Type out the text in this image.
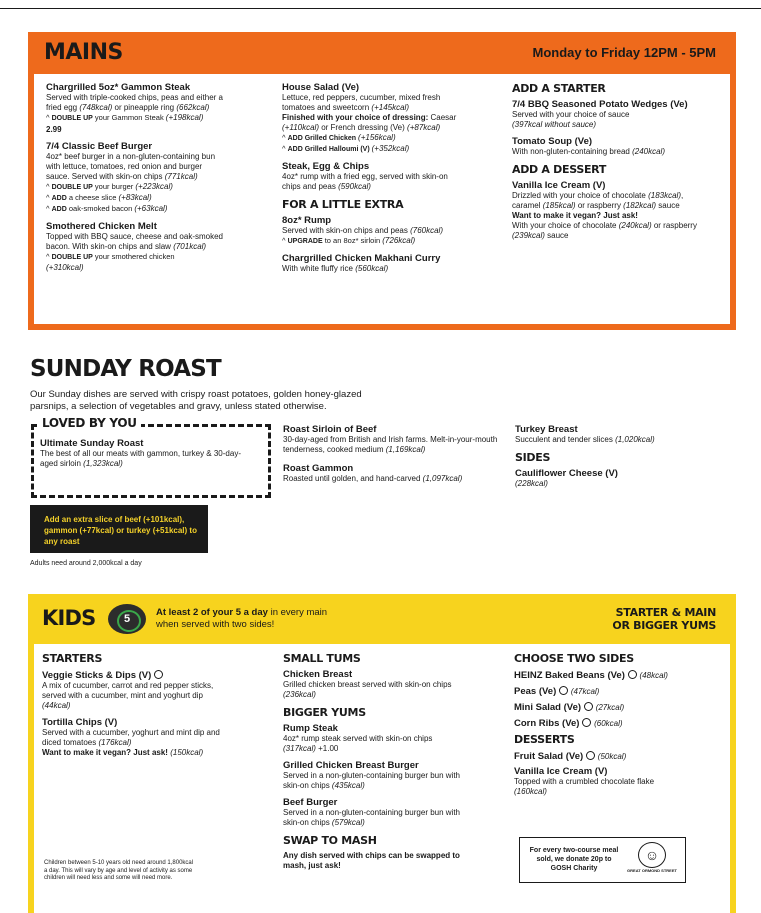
MAINS	Monday to Friday 12PM - 5PM
Chargrilled 5oz* Gammon Steak
Served with triple-cooked chips, peas and either a fried egg (748kcal) or pineapple ring (662kcal)
^ DOUBLE UP your Gammon Steak (+198kcal)
2.99
7/4 Classic Beef Burger
4oz* beef burger in a non-gluten-containing bun with lettuce, tomatoes, red onion and burger sauce. Served with skin-on chips (771kcal)
^ DOUBLE UP your burger (+223kcal)
^ ADD a cheese slice (+83kcal)
^ ADD oak-smoked bacon (+63kcal)
Smothered Chicken Melt
Topped with BBQ sauce, cheese and oak-smoked bacon. With skin-on chips and slaw (701kcal)
^ DOUBLE UP your smothered chicken
(+310kcal)
House Salad (Ve)
Lettuce, red peppers, cucumber, mixed fresh tomatoes and sweetcorn (+145kcal)
Finished with your choice of dressing: Caesar (+110kcal) or French dressing (Ve) (+87kcal)
^ ADD Grilled Chicken (+156kcal)
^ ADD Grilled Halloumi (V) (+352kcal)
Steak, Egg & Chips
4oz* rump with a fried egg, served with skin-on chips and peas (590kcal)
FOR A LITTLE EXTRA
8oz* Rump
Served with skin-on chips and peas (760kcal)
^ UPGRADE to an 8oz* sirloin (726kcal)
Chargrilled Chicken Makhani Curry
With white fluffy rice (560kcal)
ADD A STARTER
7/4 BBQ Seasoned Potato Wedges (Ve)
Served with your choice of sauce
(397kcal without sauce)
Tomato Soup (Ve)
With non-gluten-containing bread (240kcal)
ADD A DESSERT
Vanilla Ice Cream (V)
Drizzled with your choice of chocolate (183kcal), caramel (185kcal) or raspberry (182kcal) sauce
Want to make it vegan? Just ask!
With your choice of chocolate (240kcal) or raspberry (239kcal) sauce
SUNDAY ROAST
Our Sunday dishes are served with crispy roast potatoes, golden honey-glazed parsnips, a selection of vegetables and gravy, unless stated otherwise.
LOVED BY YOU
Ultimate Sunday Roast
The best of all our meats with gammon, turkey & 30-day-aged sirloin (1,323kcal)
Roast Sirloin of Beef
30-day-aged from British and Irish farms. Melt-in-your-mouth tenderness, cooked medium (1,169kcal)
Roast Gammon
Roasted until golden, and hand-carved (1,097kcal)
Turkey Breast
Succulent and tender slices (1,020kcal)
SIDES
Cauliflower Cheese (V)
(228kcal)
Add an extra slice of beef (+101kcal), gammon (+77kcal) or turkey (+51kcal) to any roast
Adults need around 2,000kcal a day
KIDS	5
At least 2 of your 5 a day in every main when served with two sides!
STARTER & MAIN
OR BIGGER YUMS
STARTERS
Veggie Sticks & Dips (V)
A mix of cucumber, carrot and red pepper sticks, served with a cucumber, mint and yoghurt dip (44kcal)
Tortilla Chips (V)
Served with a cucumber, yoghurt and mint dip and diced tomatoes (176kcal)
Want to make it vegan? Just ask! (150kcal)
SMALL TUMS
Chicken Breast
Grilled chicken breast served with skin-on chips (236kcal)
BIGGER YUMS
Rump Steak
4oz* rump steak served with skin-on chips (317kcal) +1.00
Grilled Chicken Breast Burger
Served in a non-gluten-containing burger bun with skin-on chips (435kcal)
Beef Burger
Served in a non-gluten-containing burger bun with skin-on chips (579kcal)
SWAP TO MASH
Any dish served with chips can be swapped to mash, just ask!
CHOOSE TWO SIDES
HEINZ Baked Beans (Ve) (48kcal)
Peas (Ve) (47kcal)
Mini Salad (Ve) (27kcal)
Corn Ribs (Ve) (60kcal)
DESSERTS
Fruit Salad (Ve) (50kcal)
Vanilla Ice Cream (V)
Topped with a crumbled chocolate flake
(160kcal)
Children between 5-10 years old need around 1,800kcal a day. This will vary by age and level of activity as some children will need less and some will need more.
For every two-course meal sold, we donate 20p to GOSH Charity
☺
GREAT ORMOND STREET
